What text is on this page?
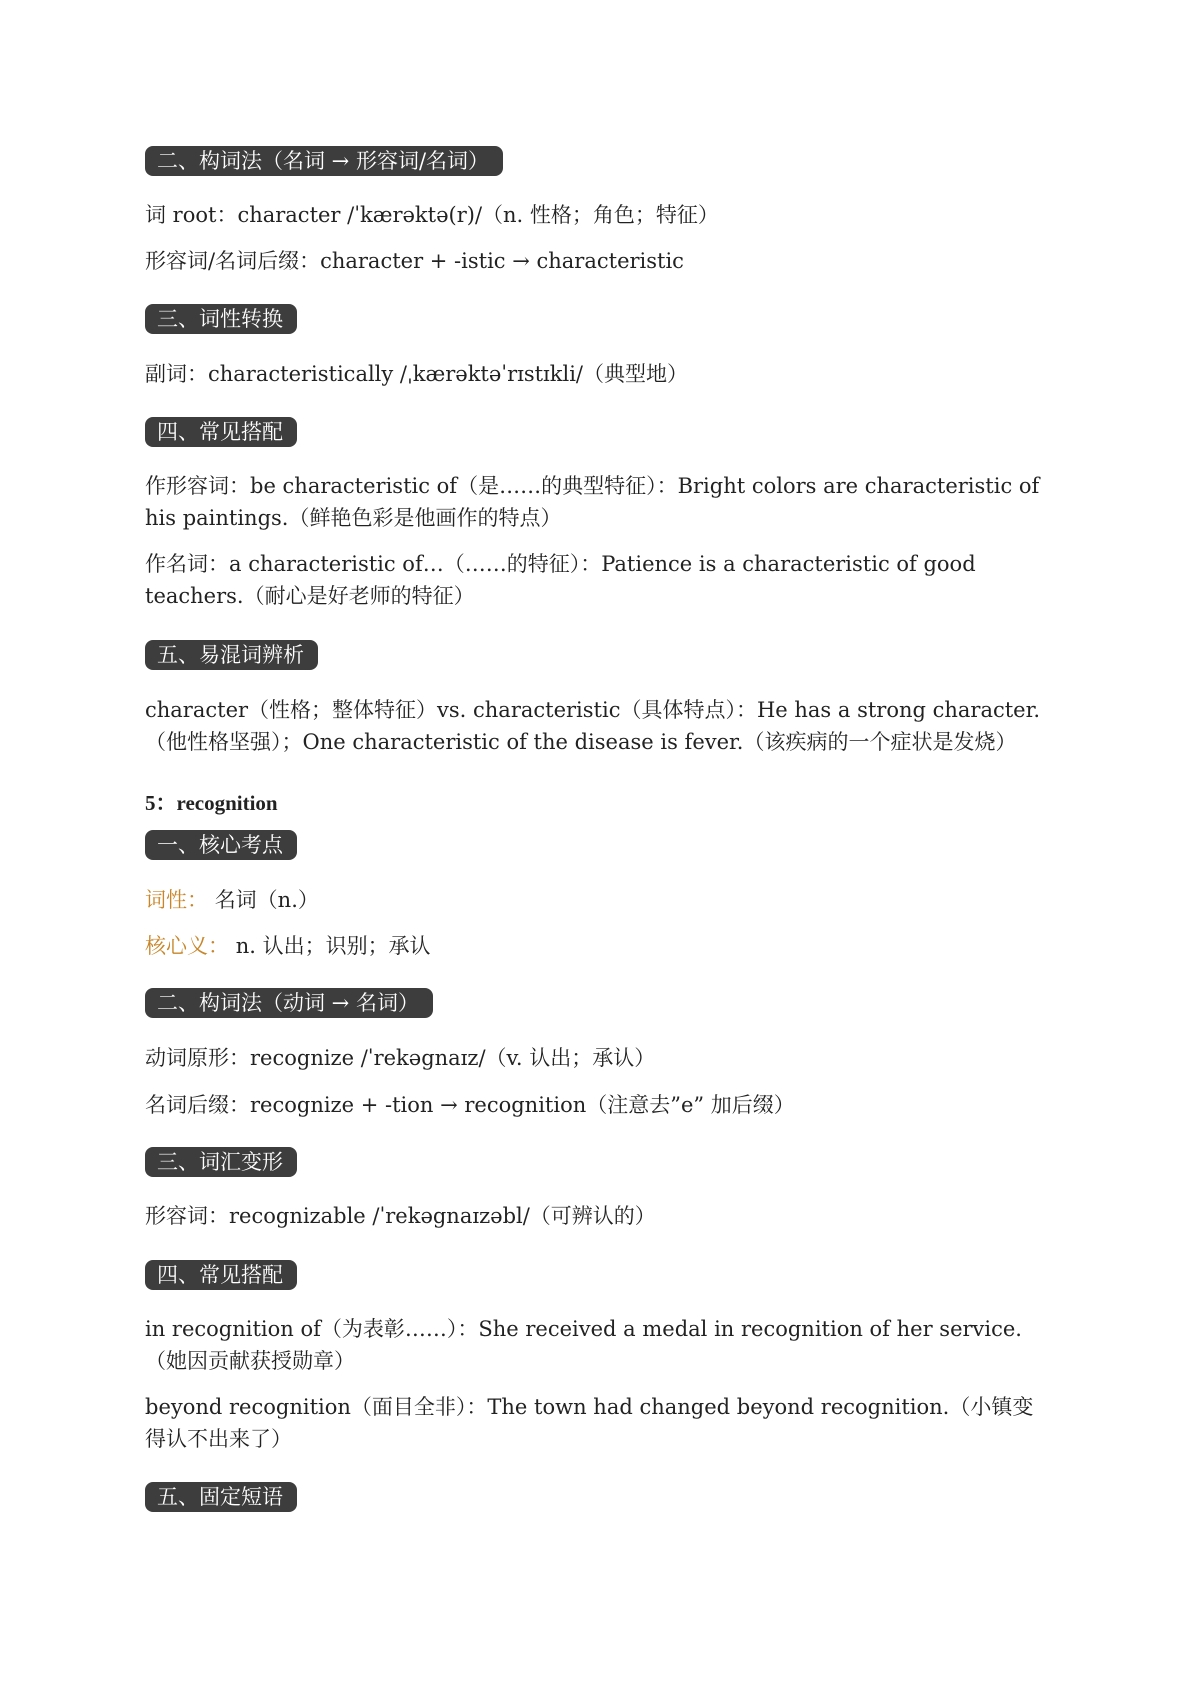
二、构词法（名词 → 形容词/名词）
词 root：character /ˈkærəktə(r)/（n. 性格；角色；特征）
形容词/名词后缀：character + -istic → characteristic
三、词性转换
副词：characteristically /ˌkærəktəˈrɪstɪkli/（典型地）
四、常见搭配
作形容词：be characteristic of（是……的典型特征）：Bright colors are characteristic of his paintings.（鲜艳色彩是他画作的特点）
作名词：a characteristic of…（……的特征）：Patience is a characteristic of good teachers.（耐心是好老师的特征）
五、易混词辨析
character（性格；整体特征）vs. characteristic（具体特点）：He has a strong character.（他性格坚强）；One characteristic of the disease is fever.（该疾病的一个症状是发烧）
5：recognition
一、核心考点
词性： 名词（n.）
核心义： n. 认出；识别；承认
二、构词法（动词 → 名词）
动词原形：recognize /ˈrekəgnaɪz/（v. 认出；承认）
名词后缀：recognize + -tion → recognition（注意去”e” 加后缀）
三、词汇变形
形容词：recognizable /ˈrekəgnaɪzəbl/（可辨认的）
四、常见搭配
in recognition of（为表彰……）：She received a medal in recognition of her service.（她因贡献获授勋章）
beyond recognition（面目全非）：The town had changed beyond recognition.（小镇变得认不出来了）
五、固定短语
